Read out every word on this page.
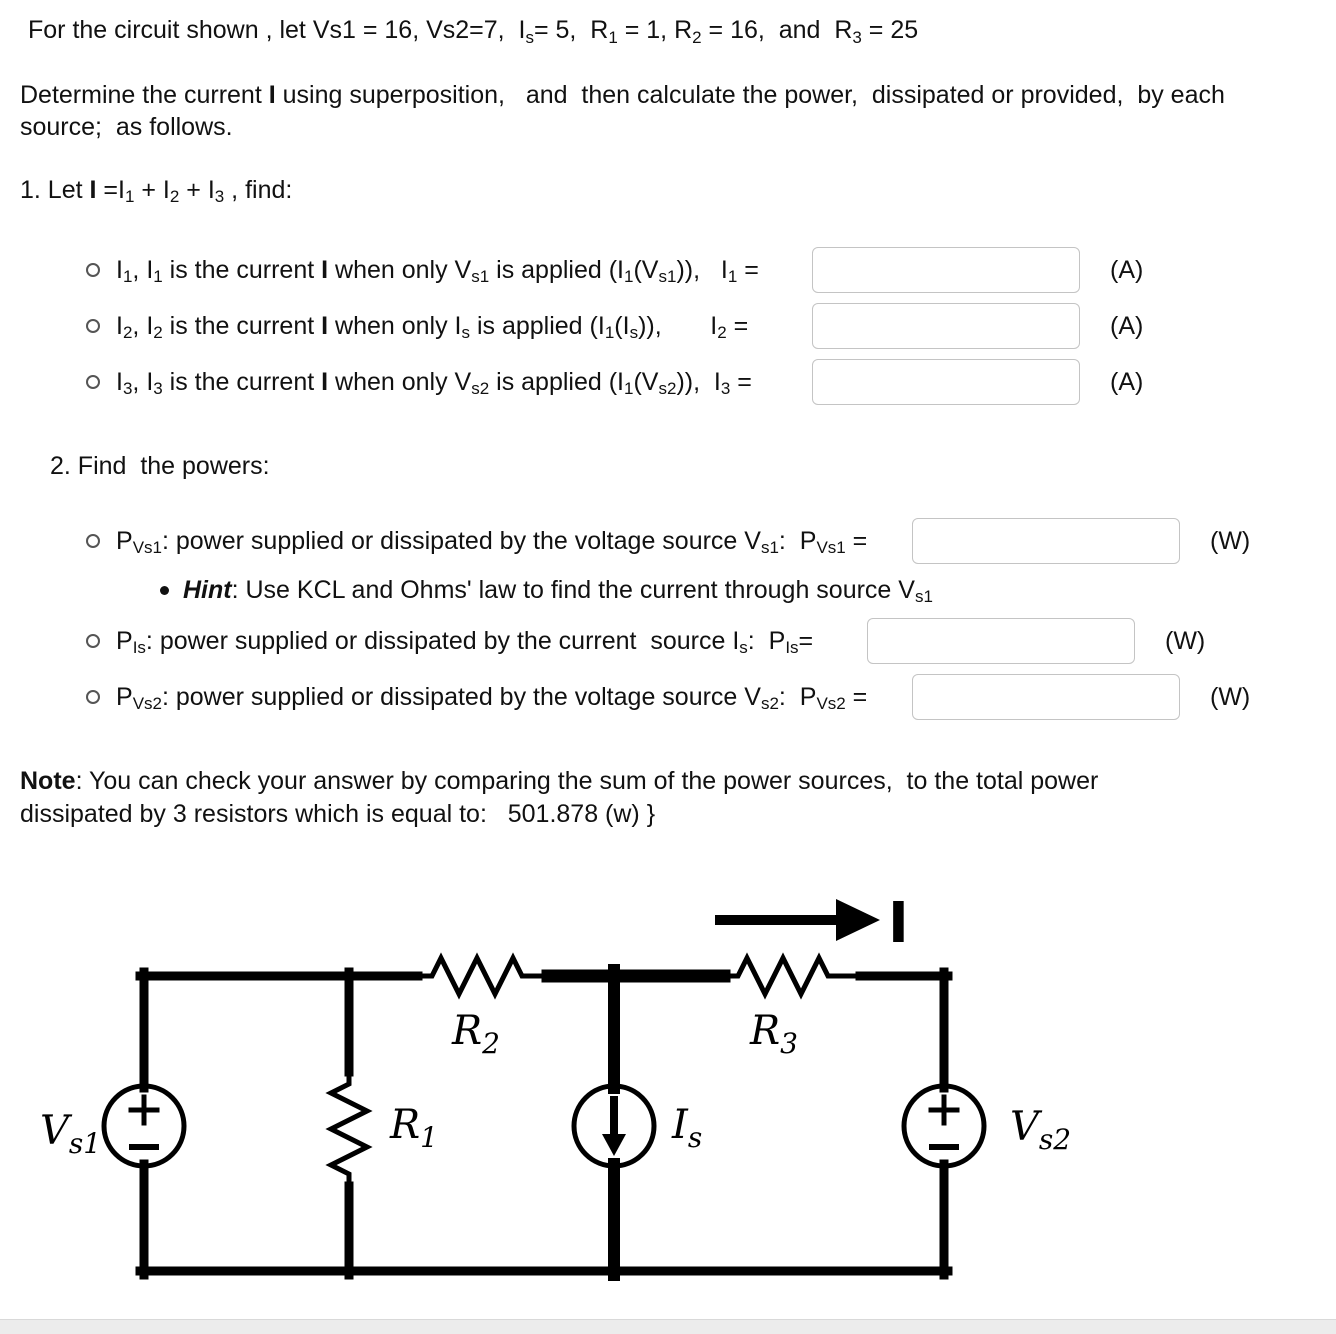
For the circuit shown , let Vs1 = 16, Vs2=7,  Is= 5,  R1 = 1, R2 = 16,  and  R3 = 25
Determine the current I using superposition,   and  then calculate the power,  dissipated or provided,  by each source;  as follows.
1. Let I =I1 + I2 + I3 , find:
I1, I1 is the current I when only Vs1 is applied (I1(Vs1)),   I1 =	(A)
I2, I2 is the current I when only Is is applied (I1(Is)),       I2 =	(A)
I3, I3 is the current I when only Vs2 is applied (I1(Vs2)),  I3 =	(A)
2. Find  the powers:
PVs1: power supplied or dissipated by the voltage source Vs1:  PVs1 =	(W)
Hint: Use KCL and Ohms' law to find the current through source Vs1
PIs: power supplied or dissipated by the current  source Is:  PIs=	(W)
PVs2: power supplied or dissipated by the voltage source Vs2:  PVs2 =	(W)
Note: You can check your answer by comparing the sum of the power sources,  to the total power dissipated by 3 resistors which is equal to:   501.878 (w) }
I
$R_2$	$R_3$
$R_1$
$V_{s1}$	$I_s$	$V_{s2}$
